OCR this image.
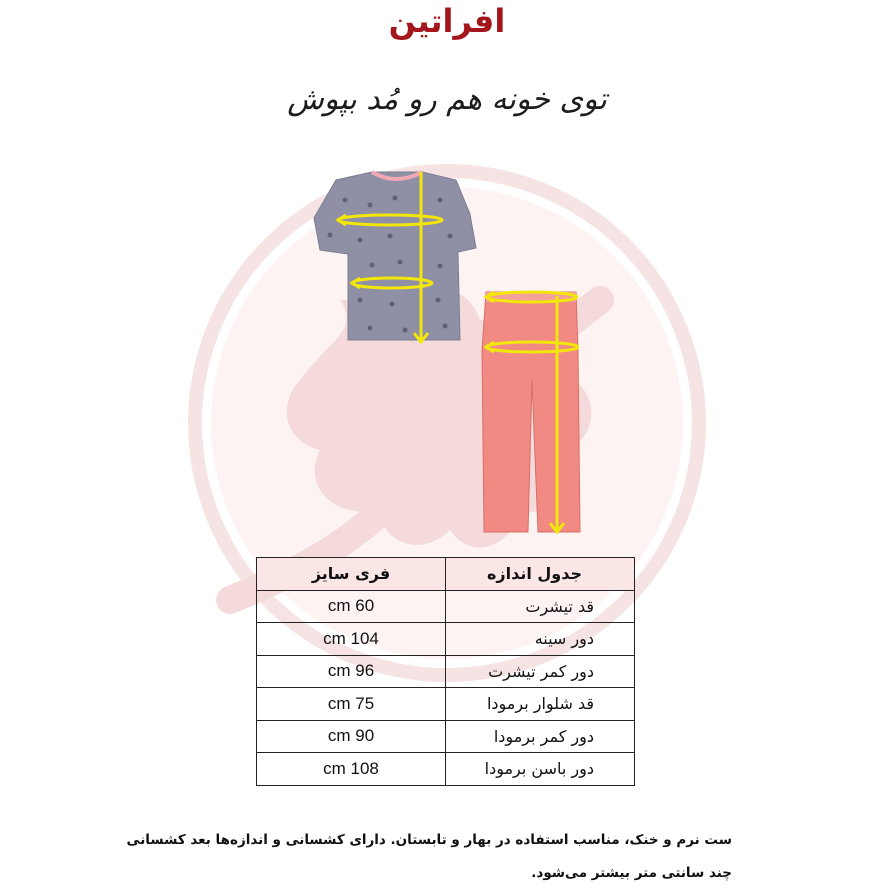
افراتین
توی خونه هم رو مُد بپوش
جدول اندازه	فری سایز
قد تیشرت	60 cm
دور سینه	104 cm
دور کمر تیشرت	96 cm
قد شلوار برمودا	75 cm
دور کمر برمودا	90 cm
دور باسن برمودا	108 cm
ست نرم و خنک، مناسب استفاده در بهار و تابستان. دارای کشسانی و اندازه‌ها بعد کشسانی چند سانتی متر بیشتر می‌شود.
